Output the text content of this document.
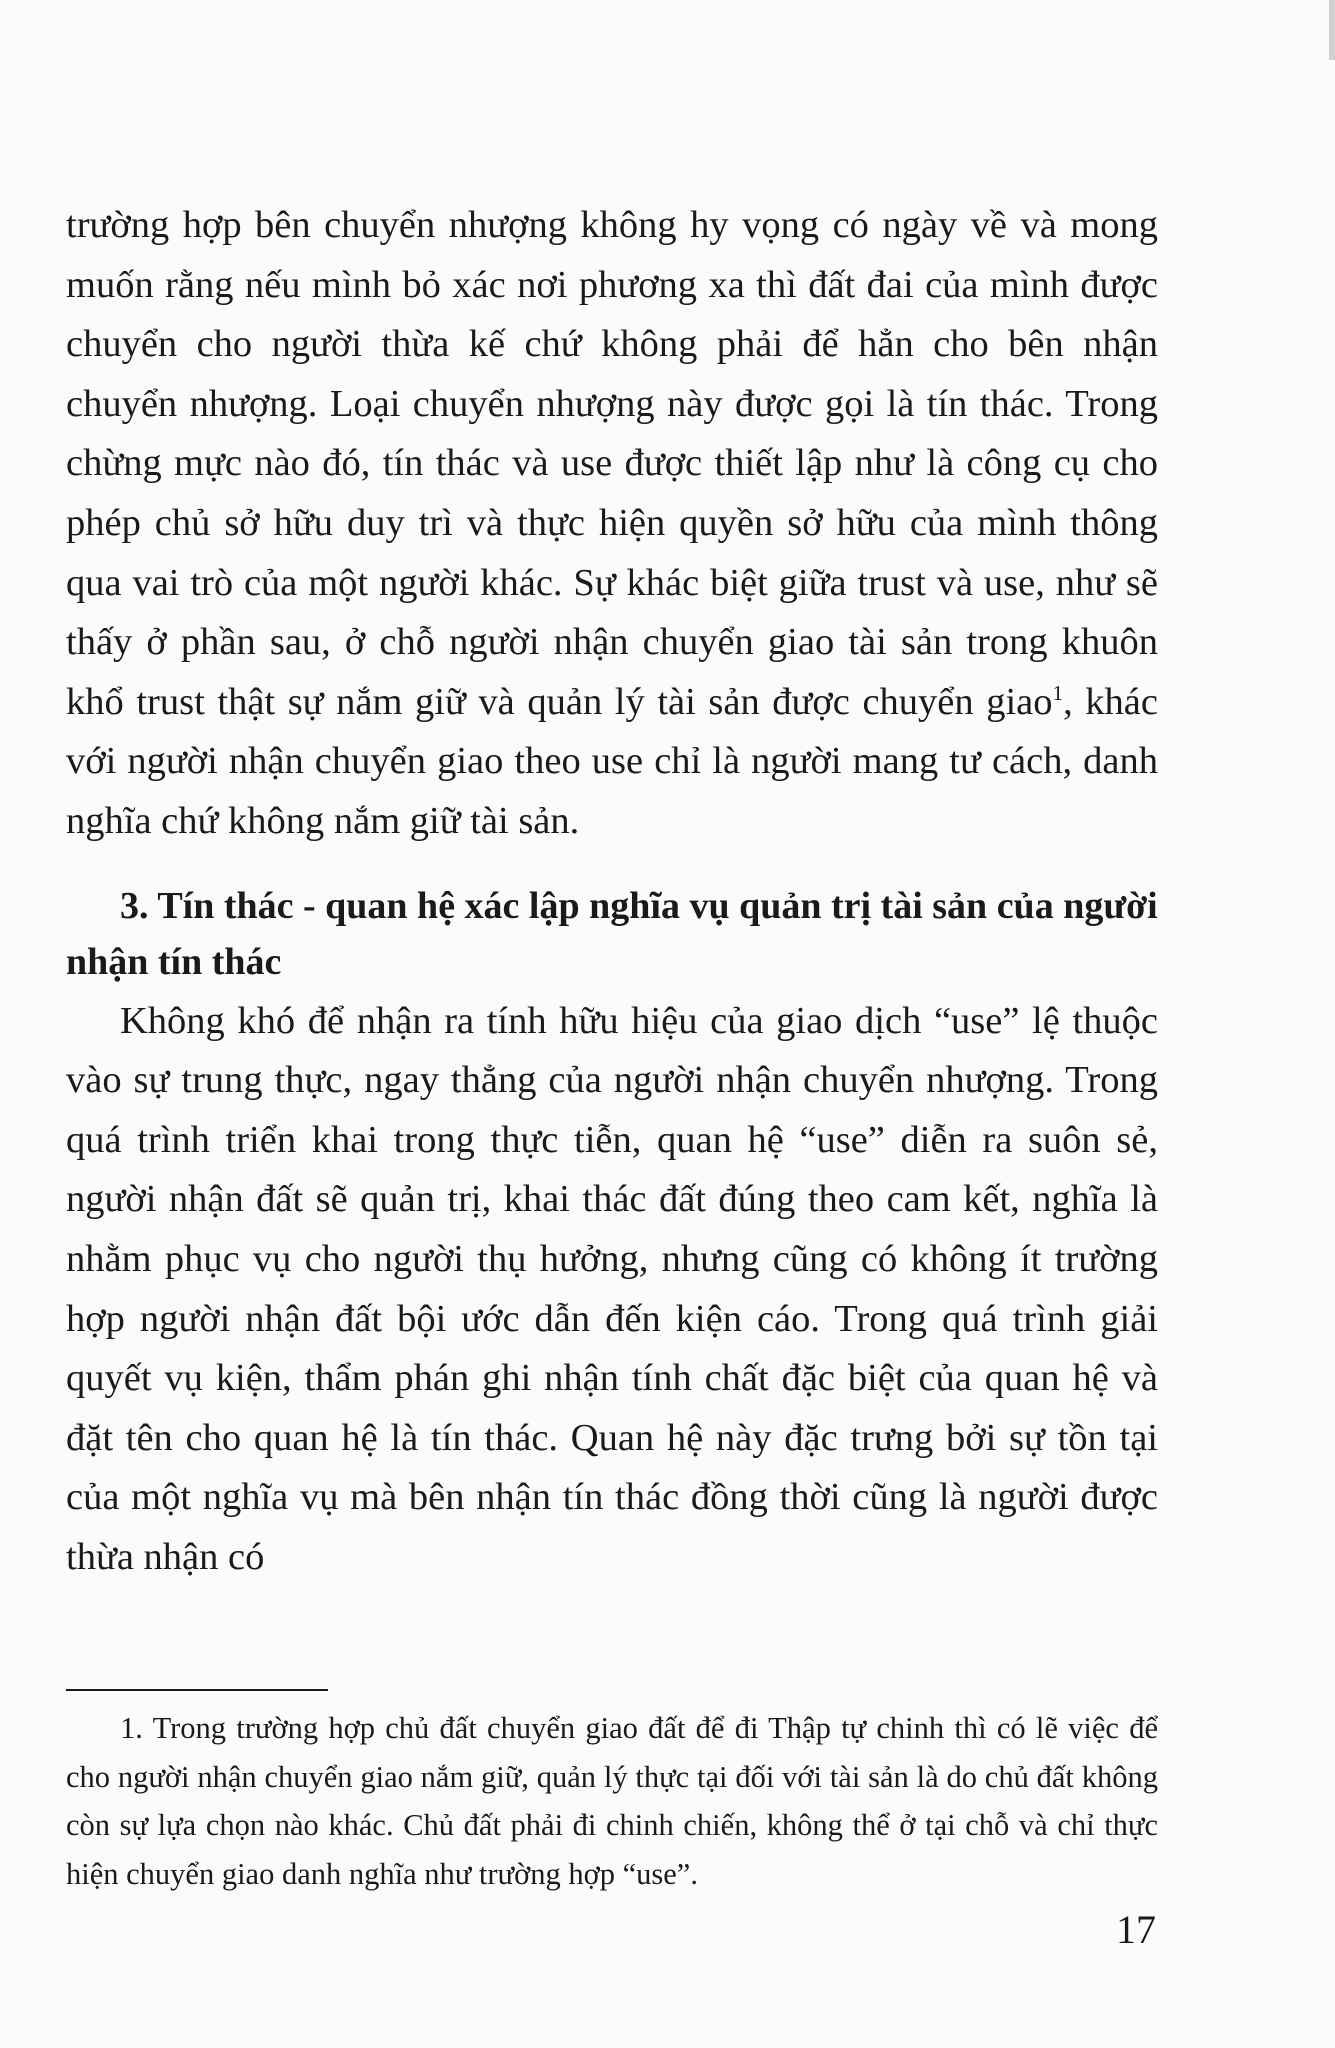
trường hợp bên chuyển nhượng không hy vọng có ngày về và mong muốn rằng nếu mình bỏ xác nơi phương xa thì đất đai của mình được chuyển cho người thừa kế chứ không phải để hẳn cho bên nhận chuyển nhượng. Loại chuyển nhượng này được gọi là tín thác. Trong chừng mực nào đó, tín thác và use được thiết lập như là công cụ cho phép chủ sở hữu duy trì và thực hiện quyền sở hữu của mình thông qua vai trò của một người khác. Sự khác biệt giữa trust và use, như sẽ thấy ở phần sau, ở chỗ người nhận chuyển giao tài sản trong khuôn khổ trust thật sự nắm giữ và quản lý tài sản được chuyển giao$^1$, khác với người nhận chuyển giao theo use chỉ là người mang tư cách, danh nghĩa chứ không nắm giữ tài sản.

3. Tín thác - quan hệ xác lập nghĩa vụ quản trị tài sản của người nhận tín thác

Không khó để nhận ra tính hữu hiệu của giao dịch “use” lệ thuộc vào sự trung thực, ngay thẳng của người nhận chuyển nhượng. Trong quá trình triển khai trong thực tiễn, quan hệ “use” diễn ra suôn sẻ, người nhận đất sẽ quản trị, khai thác đất đúng theo cam kết, nghĩa là nhằm phục vụ cho người thụ hưởng, nhưng cũng có không ít trường hợp người nhận đất bội ước dẫn đến kiện cáo. Trong quá trình giải quyết vụ kiện, thẩm phán ghi nhận tính chất đặc biệt của quan hệ và đặt tên cho quan hệ là tín thác. Quan hệ này đặc trưng bởi sự tồn tại của một nghĩa vụ mà bên nhận tín thác đồng thời cũng là người được thừa nhận có

1. Trong trường hợp chủ đất chuyển giao đất để đi Thập tự chinh thì có lẽ việc để cho người nhận chuyển giao nắm giữ, quản lý thực tại đối với tài sản là do chủ đất không còn sự lựa chọn nào khác. Chủ đất phải đi chinh chiến, không thể ở tại chỗ và chỉ thực hiện chuyển giao danh nghĩa như trường hợp “use”.

17
